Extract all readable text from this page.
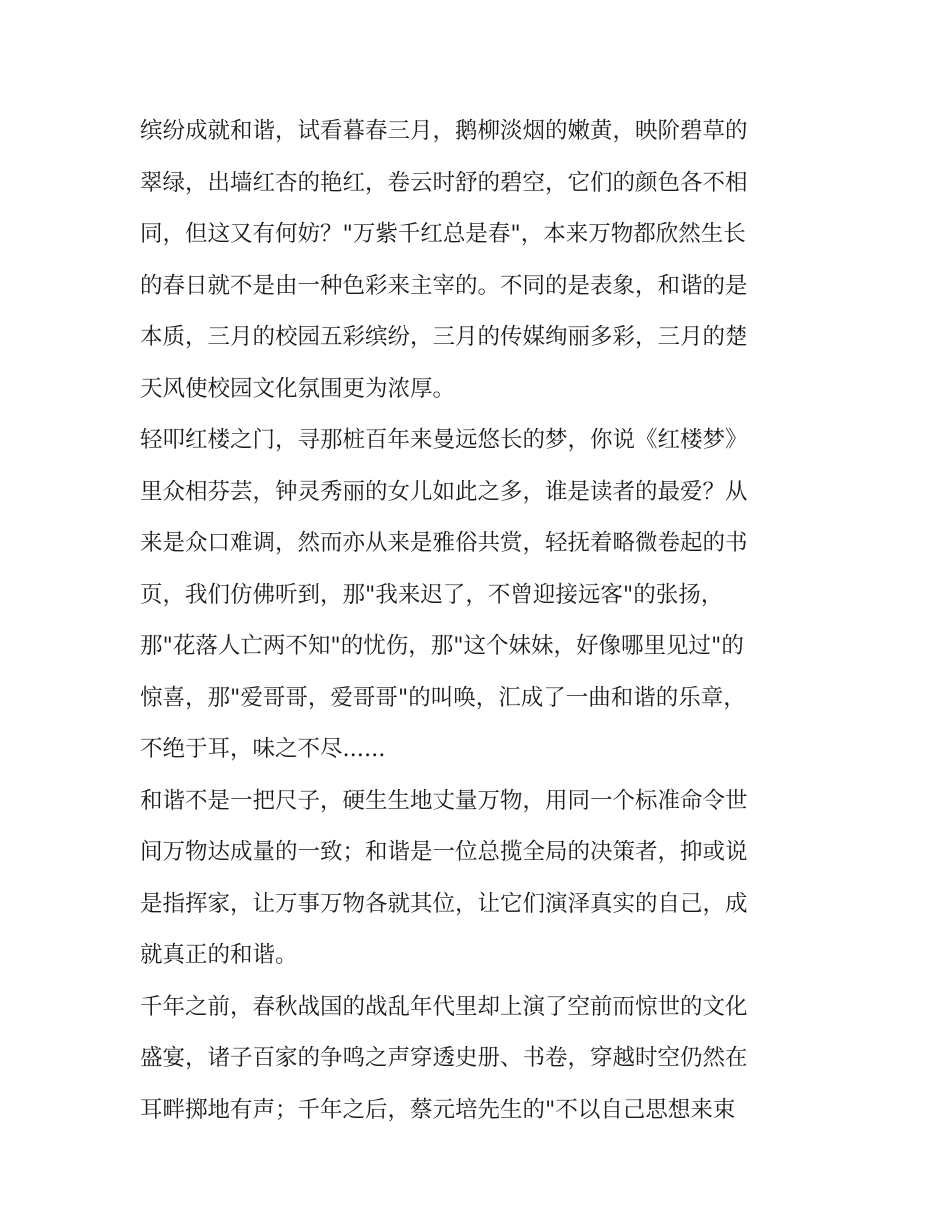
缤纷成就和谐，试看暮春三月，鹅柳淡烟的嫩黄，映阶碧草的
翠绿，出墙红杏的艳红，卷云时舒的碧空，它们的颜色各不相
同，但这又有何妨？"万紫千红总是春"，本来万物都欣然生长
的春日就不是由一种色彩来主宰的。不同的是表象，和谐的是
本质，三月的校园五彩缤纷，三月的传媒绚丽多彩，三月的楚
天风使校园文化氛围更为浓厚。
轻叩红楼之门，寻那桩百年来曼远悠长的梦，你说《红楼梦》
里众相芬芸，钟灵秀丽的女儿如此之多，谁是读者的最爱？从
来是众口难调，然而亦从来是雅俗共赏，轻抚着略微卷起的书
页，我们仿佛听到，那"我来迟了，不曾迎接远客"的张扬，
那"花落人亡两不知"的忧伤，那"这个妹妹，好像哪里见过"的
惊喜，那"爱哥哥，爱哥哥"的叫唤，汇成了一曲和谐的乐章，
不绝于耳，味之不尽......
和谐不是一把尺子，硬生生地丈量万物，用同一个标准命令世
间万物达成量的一致；和谐是一位总揽全局的决策者，抑或说
是指挥家，让万事万物各就其位，让它们演泽真实的自己，成
就真正的和谐。
千年之前，春秋战国的战乱年代里却上演了空前而惊世的文化
盛宴，诸子百家的争鸣之声穿透史册、书卷，穿越时空仍然在
耳畔掷地有声；千年之后，蔡元培先生的"不以自己思想来束
